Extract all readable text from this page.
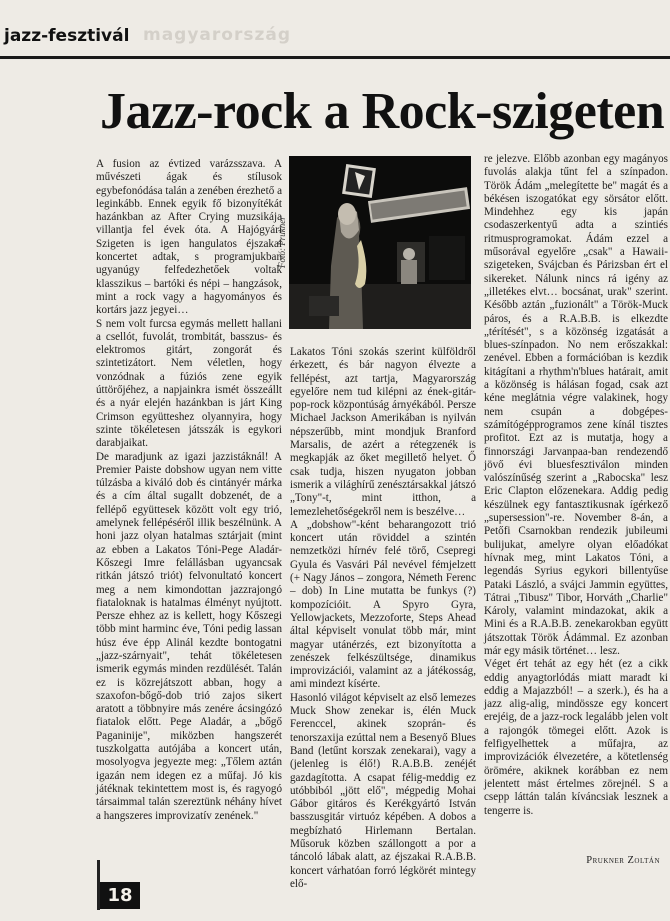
jazz-fesztivál magyarország
Jazz-rock a Rock-szigeten

A fusion az évtized varázsszava. A művészeti ágak és stílusok egybefonódása talán a zenében érezhető a leginkább. Ennek egyik fő bizonyítékát hazánkban az After Crying muzsikája villantja fel évek óta. A Hajógyári Szigeten is igen hangulatos éjszakai koncertet adtak, s programjukban ugyanúgy felfedezhetőek voltak klasszikus – bartóki és népi – hangzások, mint a rock vagy a hagyományos és kortárs jazz jegyei…

S nem volt furcsa egymás mellett hallani a csellót, fuvolát, trombitát, basszus- és elektromos gitárt, zongorát és szintetizátort. Nem véletlen, hogy vonzódnak a fúziós zene egyik úttörőjéhez, a napjainkra ismét összeállt és a nyár elején hazánkban is járt King Crimson együtteshez olyannyira, hogy szinte tökéletesen játsszák is egykori darabjaikat.

De maradjunk az igazi jazzistáknál! A Premier Paiste dobshow ugyan nem vitte túlzásba a kiváló dob és cintányér márka és a cím által sugallt dobzenét, de a fellépő együttesek között volt egy trió, amelynek fellépéséről illik beszélnünk. A honi jazz olyan hatalmas sztárjait (mint az ebben a Lakatos Tóni-Pege Aladár-Kőszegi Imre felállásban ugyancsak ritkán játszó triót) felvonultató koncert meg a nem kimondottan jazzrajongó fiataloknak is hatalmas élményt nyújtott. Persze ehhez az is kellett, hogy Kőszegi több mint harminc éve, Tóni pedig lassan húsz éve épp Alinál kezdte bontogatni „jazz-szárnyait", tehát tökéletesen ismerik egymás minden rezdülését. Talán ez is közrejátszott abban, hogy a szaxofon-bőgő-dob trió zajos sikert aratott a többnyire más zenére ácsingózó fiatalok előtt. Pege Aladár, a „bőgő Paganinije", miközben hangszerét tuszkolgatta autójába a koncert után, mosolyogva jegyezte meg: „Tőlem aztán igazán nem idegen ez a műfaj. Jó kis játéknak tekintettem most is, és ragyogó társaimmal talán szereztünk néhány hívet a hangszeres improvizatív zenének."

Fotó: Prukner

Lakatos Tóni szokás szerint külföldről érkezett, és bár nagyon élvezte a fellépést, azt tartja, Magyarország egyelőre nem tud kilépni az ének-gitár-pop-rock központúság árnyékából. Persze Michael Jackson Amerikában is nyilván népszerűbb, mint mondjuk Branford Marsalis, de azért a rétegzenék is megkapják az őket megillető helyet. Ő csak tudja, hiszen nyugaton jobban ismerik a világhírű zenésztársakkal játszó „Tony"-t, mint itthon, a lemezlehetőségekről nem is beszélve…

A „dobshow"-ként beharangozott trió koncert után röviddel a szintén nemzetközi hírnév felé törő, Csepregi Gyula és Vasvári Pál nevével fémjelzett (+ Nagy János – zongora, Németh Ferenc – dob) In Line mutatta be funkys (?) kompozícióit. A Spyro Gyra, Yellowjackets, Mezzoforte, Steps Ahead által képviselt vonulat több már, mint magyar utánérzés, ezt bizonyította a zenészek felkészültsége, dinamikus improvizációi, valamint az a játékosság, ami mindezt kísérte.

Hasonló világot képviselt az első lemezes Muck Show zenekar is, élén Muck Ferenccel, akinek szoprán- és tenorszaxija ezúttal nem a Besenyő Blues Band (letűnt korszak zenekarai), vagy a (jelenleg is élő!) R.A.B.B. zenéjét gazdagította. A csapat félig-meddig ez utóbbiból „jött elő", mégpedig Mohai Gábor gitáros és Kerékgyártó István basszusgitár virtuóz képében. A dobos a megbízható Hirlemann Bertalan. Műsoruk közben szállongott a por a táncoló lábak alatt, az éjszakai R.A.B.B. koncert várhatóan forró légkörét mintegy elő-

re jelezve. Előbb azonban egy magányos fuvolás alakja tűnt fel a színpadon. Török Ádám „melegítette be" magát és a békésen iszogatókat egy sörsátor előtt. Mindehhez egy kis japán csodaszerkentyű adta a szintiés ritmusprogramokat. Ádám ezzel a műsorával egyelőre „csak" a Hawaii-szigeteken, Svájcban és Párizsban ért el sikereket. Nálunk nincs rá igény az „illetékes elvt… bocsánat, urak" szerint. Később aztán „fuzionált" a Török-Muck páros, és a R.A.B.B. is elkezdte „térítését", s a közönség izgatását a blues-színpadon. No nem erőszakkal: zenével. Ebben a formációban is kezdik kitágítani a rhythm'n'blues határait, amit a közönség is hálásan fogad, csak azt kéne meglátnia végre valakinek, hogy nem csupán a dobgépes-számítógépprogramos zene kínál tisztes profitot. Ezt az is mutatja, hogy a finnországi Jarvanpaa-ban rendezendő jövő évi bluesfesztiválon minden valószínűség szerint a „Rabocska" lesz Eric Clapton előzenekara. Addig pedig készülnek egy fantasztikusnak ígérkező „supersession"-re. November 8-án, a Petőfi Csarnokban rendezik jubileumi bulijukat, amelyre olyan előadókat hívnak meg, mint Lakatos Tóni, a legendás Syrius egykori billentyűse Pataki László, a svájci Jammin együttes, Tátrai „Tibusz" Tibor, Horváth „Charlie" Károly, valamint mindazokat, akik a Mini és a R.A.B.B. zenekarokban együtt játszottak Török Ádámmal. Ez azonban már egy másik történet… lesz.

Véget ért tehát az egy hét (ez a cikk eddig anyagtorlódás miatt maradt ki eddig a Majazzból! – a szerk.), és ha a jazz alig-alig, mindössze egy koncert erejéig, de a jazz-rock legalább jelen volt a rajongók tömegei előtt. Azok is felfigyelhettek a műfajra, az improvizációk élvezetére, a kötetlenség örömére, akiknek korábban ez nem jelentett mást értelmes zörejnél. S a csepp láttán talán kíváncsiak lesznek a tengerre is.

Prukner Zoltán
18
